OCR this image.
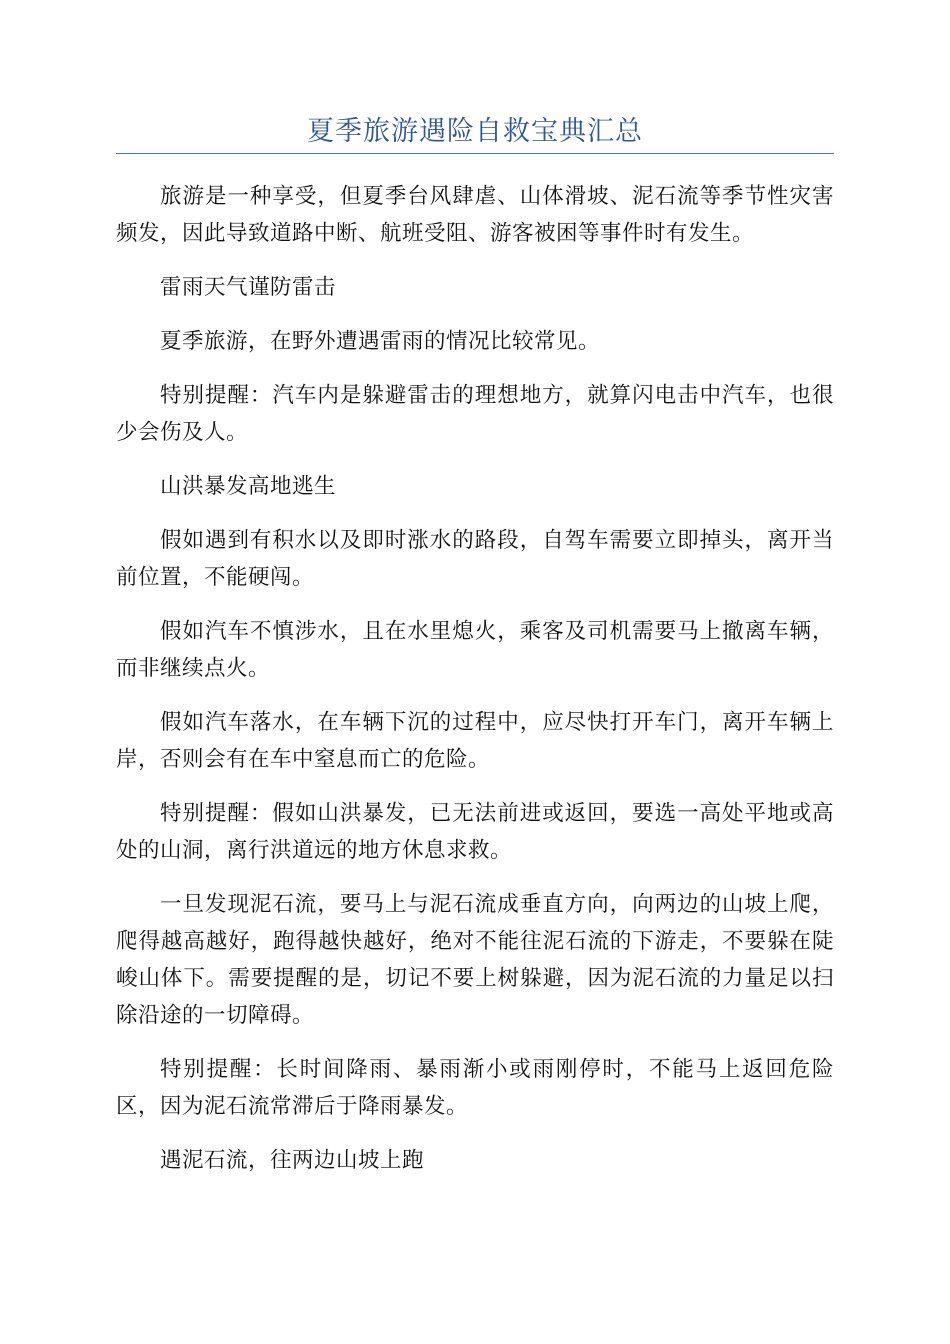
夏季旅游遇险自救宝典汇总

旅游是一种享受，但夏季台风肆虐、山体滑坡、泥石流等季节性灾害频发，因此导致道路中断、航班受阻、游客被困等事件时有发生。

雷雨天气谨防雷击

夏季旅游，在野外遭遇雷雨的情况比较常见。

特别提醒：汽车内是躲避雷击的理想地方，就算闪电击中汽车，也很少会伤及人。

山洪暴发高地逃生

假如遇到有积水以及即时涨水的路段，自驾车需要立即掉头，离开当前位置，不能硬闯。

假如汽车不慎涉水，且在水里熄火，乘客及司机需要马上撤离车辆，而非继续点火。

假如汽车落水，在车辆下沉的过程中，应尽快打开车门，离开车辆上岸，否则会有在车中窒息而亡的危险。

特别提醒：假如山洪暴发，已无法前进或返回，要选一高处平地或高处的山洞，离行洪道远的地方休息求救。

一旦发现泥石流，要马上与泥石流成垂直方向，向两边的山坡上爬，爬得越高越好，跑得越快越好，绝对不能往泥石流的下游走，不要躲在陡峻山体下。需要提醒的是，切记不要上树躲避，因为泥石流的力量足以扫除沿途的一切障碍。

特别提醒：长时间降雨、暴雨渐小或雨刚停时，不能马上返回危险区，因为泥石流常滞后于降雨暴发。

遇泥石流，往两边山坡上跑
